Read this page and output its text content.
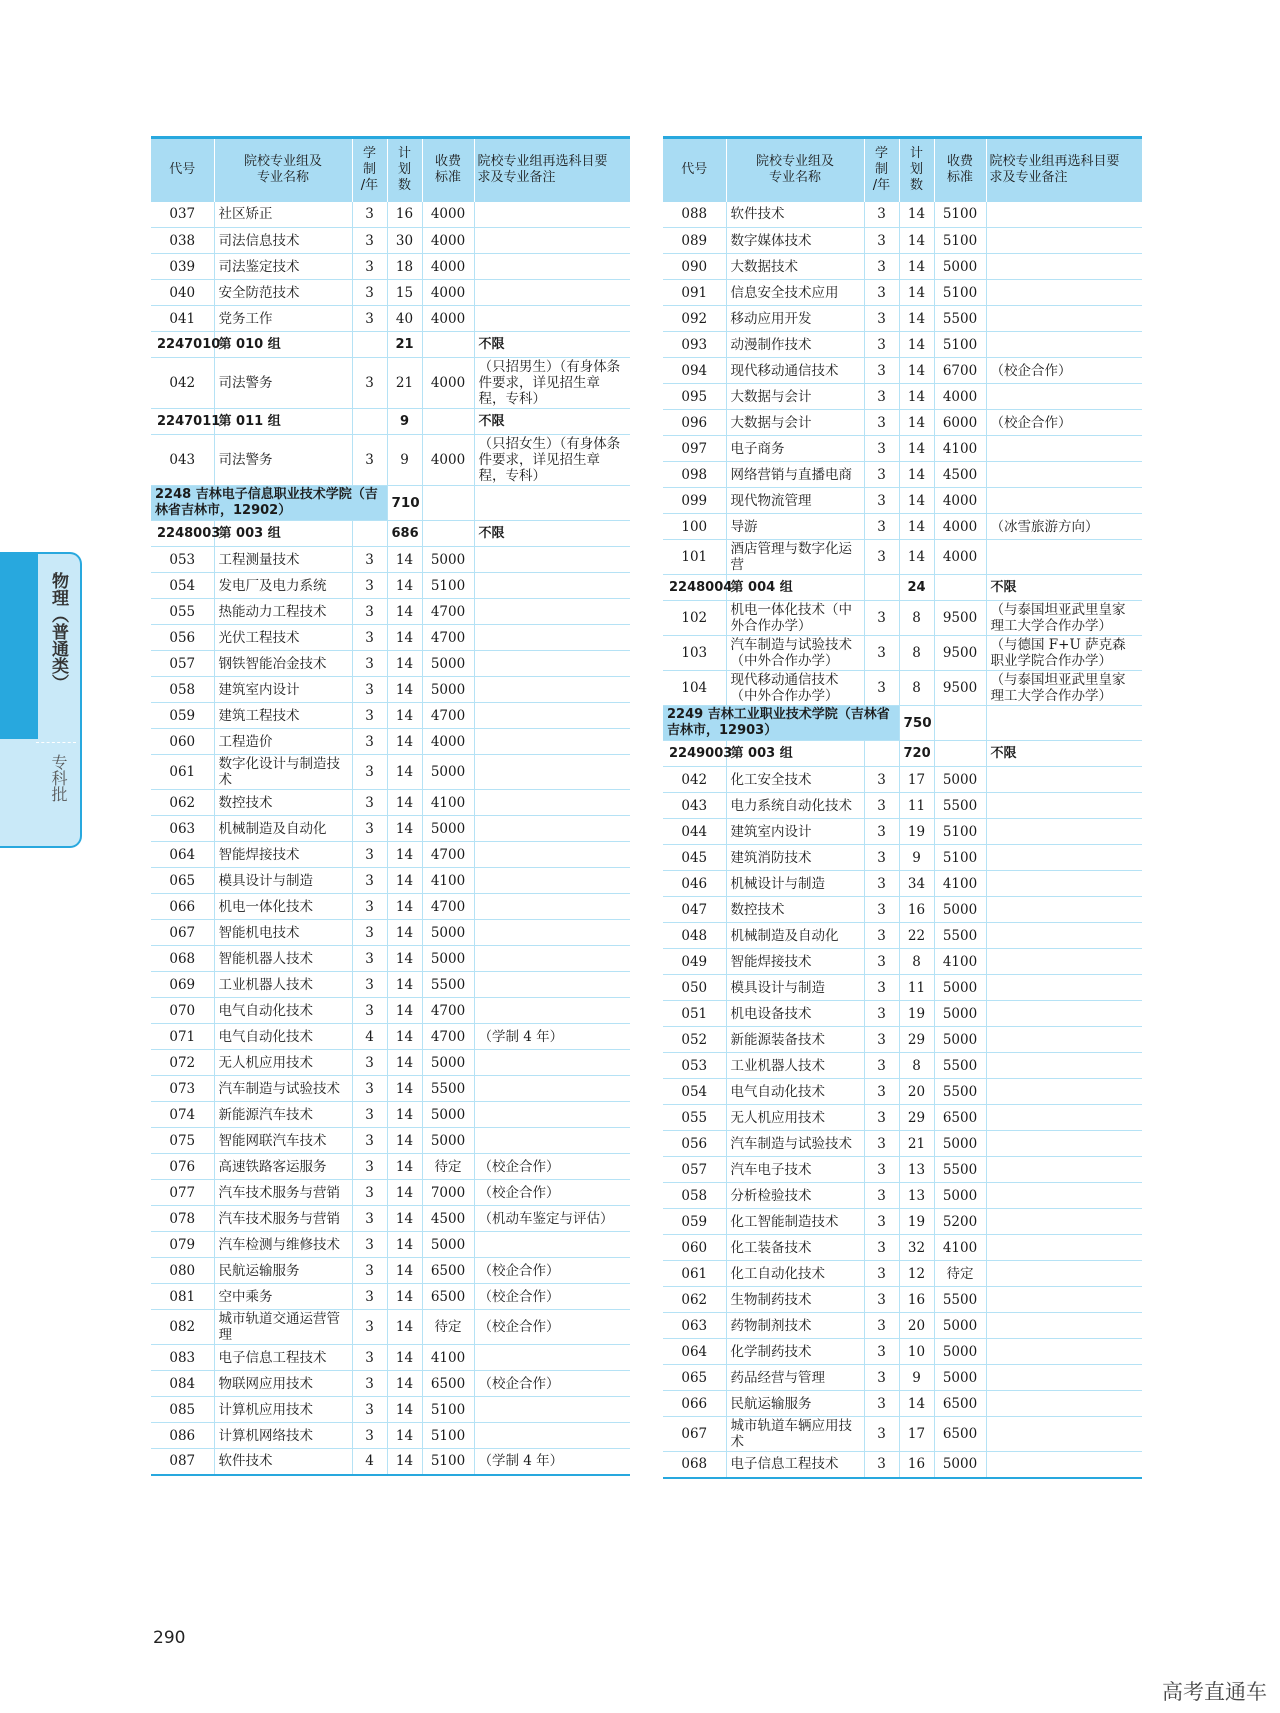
物理（普通类）
专科批
代号	院校专业组及
专业名称	学
制
/年	计
划
数	收费
标准	院校专业组再选科目要
求及专业备注
037	社区矫正	3	16	4000	
038	司法信息技术	3	30	4000	
039	司法鉴定技术	3	18	4000	
040	安全防范技术	3	15	4000	
041	党务工作	3	40	4000	
2247010	第 010 组		21		不限
042	司法警务	3	21	4000	（只招男生）（有身体条件要求，详见招生章程，专科）
2247011	第 011 组		9		不限
043	司法警务	3	9	4000	（只招女生）（有身体条件要求，详见招生章程，专科）
2248 吉林电子信息职业技术学院（吉林省吉林市，12902）			710		
2248003	第 003 组		686		不限
053	工程测量技术	3	14	5000	
054	发电厂及电力系统	3	14	5100	
055	热能动力工程技术	3	14	4700	
056	光伏工程技术	3	14	4700	
057	钢铁智能冶金技术	3	14	5000	
058	建筑室内设计	3	14	5000	
059	建筑工程技术	3	14	4700	
060	工程造价	3	14	4000	
061	数字化设计与制造技术	3	14	5000	
062	数控技术	3	14	4100	
063	机械制造及自动化	3	14	5000	
064	智能焊接技术	3	14	4700	
065	模具设计与制造	3	14	4100	
066	机电一体化技术	3	14	4700	
067	智能机电技术	3	14	5000	
068	智能机器人技术	3	14	5000	
069	工业机器人技术	3	14	5500	
070	电气自动化技术	3	14	4700	
071	电气自动化技术	4	14	4700	（学制 4 年）
072	无人机应用技术	3	14	5000	
073	汽车制造与试验技术	3	14	5500	
074	新能源汽车技术	3	14	5000	
075	智能网联汽车技术	3	14	5000	
076	高速铁路客运服务	3	14	待定	（校企合作）
077	汽车技术服务与营销	3	14	7000	（校企合作）
078	汽车技术服务与营销	3	14	4500	（机动车鉴定与评估）
079	汽车检测与维修技术	3	14	5000	
080	民航运输服务	3	14	6500	（校企合作）
081	空中乘务	3	14	6500	（校企合作）
082	城市轨道交通运营管理	3	14	待定	（校企合作）
083	电子信息工程技术	3	14	4100	
084	物联网应用技术	3	14	6500	（校企合作）
085	计算机应用技术	3	14	5100	
086	计算机网络技术	3	14	5100	
087	软件技术	4	14	5100	（学制 4 年）
代号	院校专业组及
专业名称	学
制
/年	计
划
数	收费
标准	院校专业组再选科目要
求及专业备注
088	软件技术	3	14	5100	
089	数字媒体技术	3	14	5100	
090	大数据技术	3	14	5000	
091	信息安全技术应用	3	14	5100	
092	移动应用开发	3	14	5500	
093	动漫制作技术	3	14	5100	
094	现代移动通信技术	3	14	6700	（校企合作）
095	大数据与会计	3	14	4000	
096	大数据与会计	3	14	6000	（校企合作）
097	电子商务	3	14	4100	
098	网络营销与直播电商	3	14	4500	
099	现代物流管理	3	14	4000	
100	导游	3	14	4000	（冰雪旅游方向）
101	酒店管理与数字化运营	3	14	4000	
2248004	第 004 组		24		不限
102	机电一体化技术（中外合作办学）	3	8	9500	（与泰国坦亚武里皇家理工大学合作办学）
103	汽车制造与试验技术（中外合作办学）	3	8	9500	（与德国 F+U 萨克森职业学院合作办学）
104	现代移动通信技术（中外合作办学）	3	8	9500	（与泰国坦亚武里皇家理工大学合作办学）
2249 吉林工业职业技术学院（吉林省吉林市，12903）			750		
2249003	第 003 组		720		不限
042	化工安全技术	3	17	5000	
043	电力系统自动化技术	3	11	5500	
044	建筑室内设计	3	19	5100	
045	建筑消防技术	3	9	5100	
046	机械设计与制造	3	34	4100	
047	数控技术	3	16	5000	
048	机械制造及自动化	3	22	5500	
049	智能焊接技术	3	8	4100	
050	模具设计与制造	3	11	5000	
051	机电设备技术	3	19	5000	
052	新能源装备技术	3	29	5000	
053	工业机器人技术	3	8	5500	
054	电气自动化技术	3	20	5500	
055	无人机应用技术	3	29	6500	
056	汽车制造与试验技术	3	21	5000	
057	汽车电子技术	3	13	5500	
058	分析检验技术	3	13	5000	
059	化工智能制造技术	3	19	5200	
060	化工装备技术	3	32	4100	
061	化工自动化技术	3	12	待定	
062	生物制药技术	3	16	5500	
063	药物制剂技术	3	20	5000	
064	化学制药技术	3	10	5000	
065	药品经营与管理	3	9	5000	
066	民航运输服务	3	14	6500	
067	城市轨道车辆应用技术	3	17	6500	
068	电子信息工程技术	3	16	5000	
290
高考直通车
